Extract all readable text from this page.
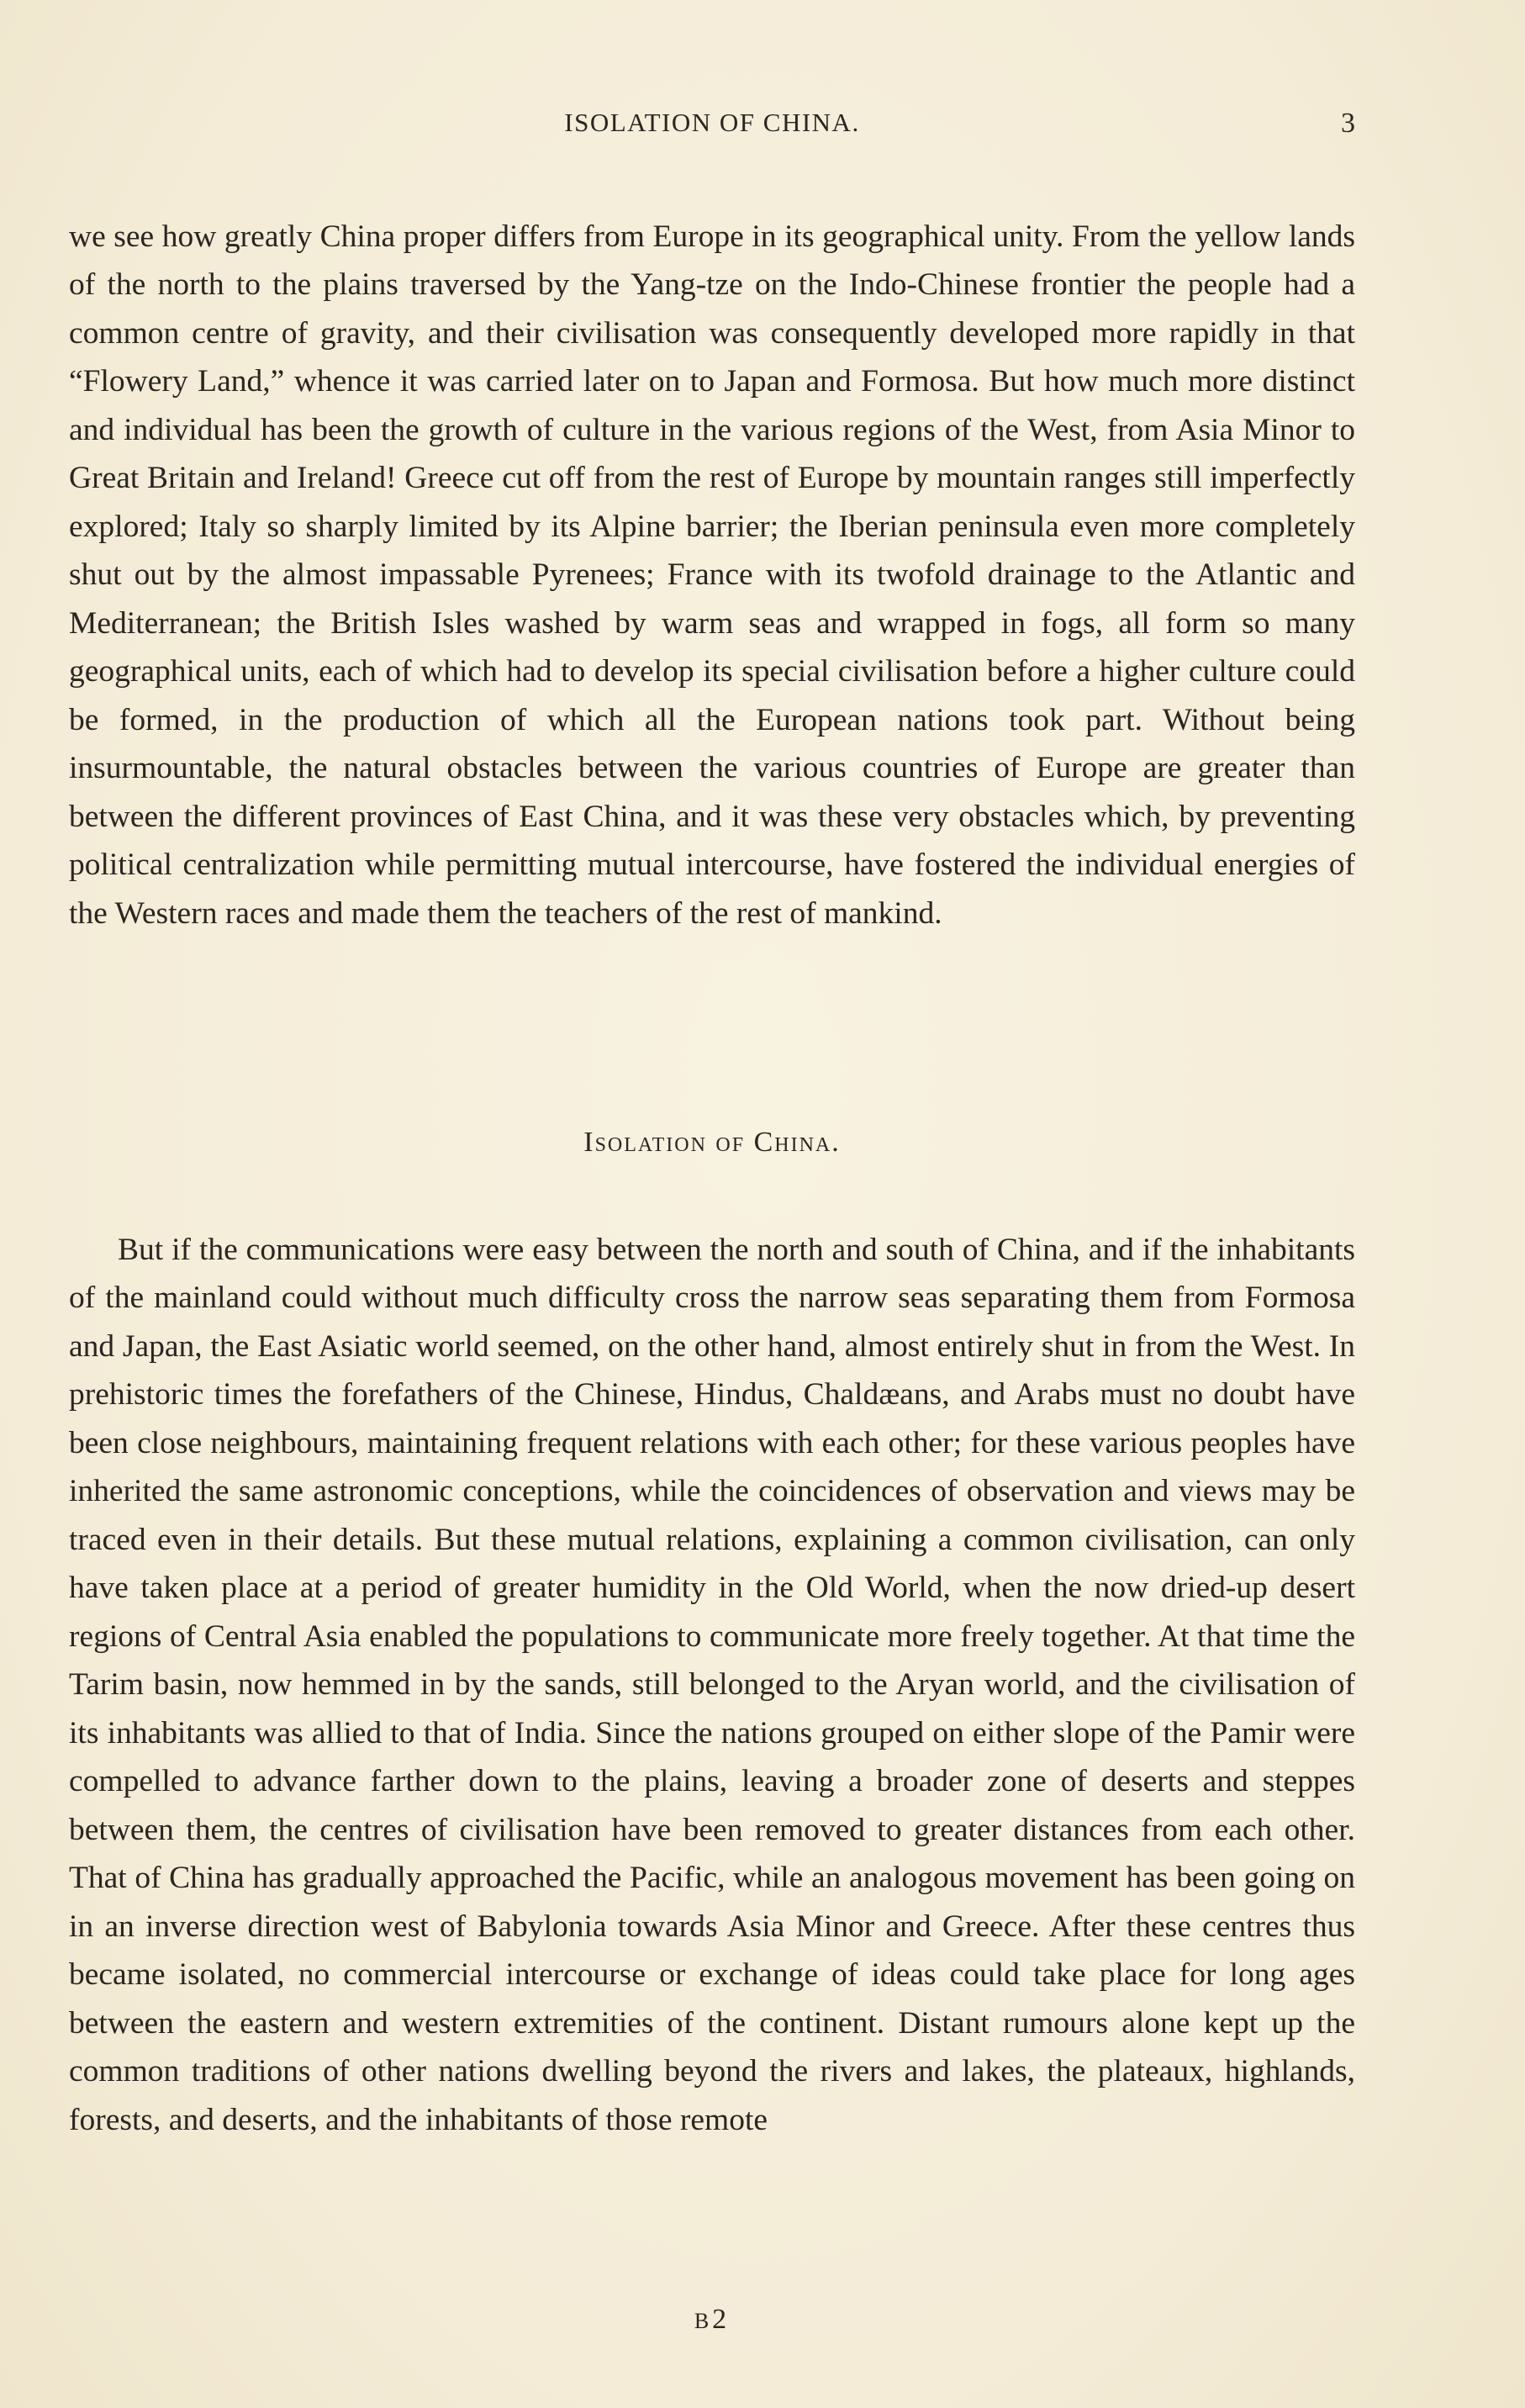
ISOLATION OF CHINA.	3

we see how greatly China proper differs from Europe in its geographical unity. From the yellow lands of the north to the plains traversed by the Yang-tze on the Indo-Chinese frontier the people had a common centre of gravity, and their civilisation was consequently developed more rapidly in that “Flowery Land,” whence it was carried later on to Japan and Formosa. But how much more distinct and individual has been the growth of culture in the various regions of the West, from Asia Minor to Great Britain and Ireland! Greece cut off from the rest of Europe by mountain ranges still imperfectly explored; Italy so sharply limited by its Alpine barrier; the Iberian peninsula even more completely shut out by the almost impassable Pyrenees; France with its twofold drainage to the Atlantic and Mediterranean; the British Isles washed by warm seas and wrapped in fogs, all form so many geographical units, each of which had to develop its special civilisation before a higher culture could be formed, in the production of which all the European nations took part. Without being insurmountable, the natural obstacles between the various countries of Europe are greater than between the different provinces of East China, and it was these very obstacles which, by preventing political centralization while permitting mutual intercourse, have fostered the individual energies of the Western races and made them the teachers of the rest of mankind.

Isolation of China.

But if the communications were easy between the north and south of China, and if the inhabitants of the mainland could without much difficulty cross the narrow seas separating them from Formosa and Japan, the East Asiatic world seemed, on the other hand, almost entirely shut in from the West. In prehistoric times the forefathers of the Chinese, Hindus, Chaldæans, and Arabs must no doubt have been close neighbours, maintaining frequent relations with each other; for these various peoples have inherited the same astronomic conceptions, while the coincidences of observation and views may be traced even in their details. But these mutual relations, explaining a common civilisation, can only have taken place at a period of greater humidity in the Old World, when the now dried-up desert regions of Central Asia enabled the populations to communicate more freely together. At that time the Tarim basin, now hemmed in by the sands, still belonged to the Aryan world, and the civilisation of its inhabitants was allied to that of India. Since the nations grouped on either slope of the Pamir were compelled to advance farther down to the plains, leaving a broader zone of deserts and steppes between them, the centres of civilisation have been removed to greater distances from each other. That of China has gradually approached the Pacific, while an analogous movement has been going on in an inverse direction west of Babylonia towards Asia Minor and Greece. After these centres thus became isolated, no commercial intercourse or exchange of ideas could take place for long ages between the eastern and western extremities of the continent. Distant rumours alone kept up the common traditions of other nations dwelling beyond the rivers and lakes, the plateaux, highlands, forests, and deserts, and the inhabitants of those remote

B2
